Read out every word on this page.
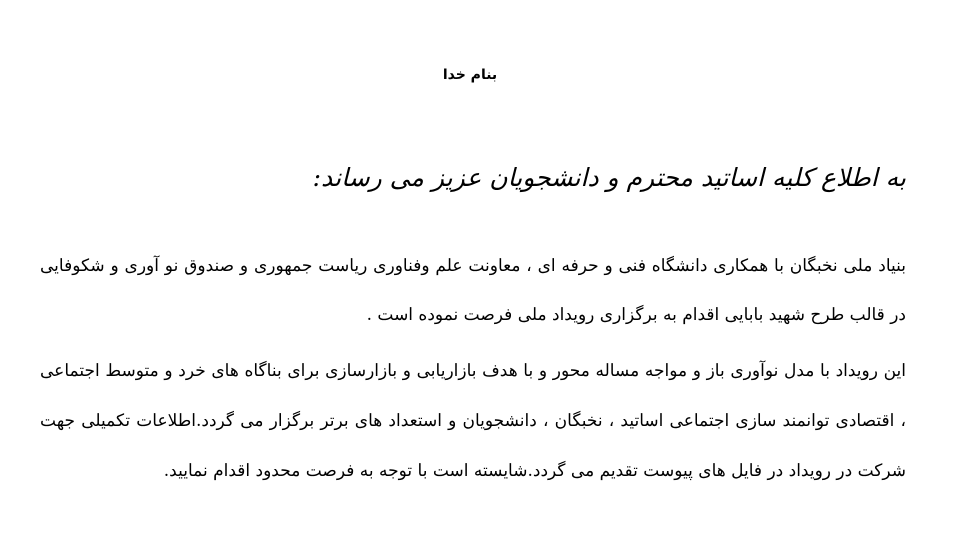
بنام خدا
به اطلاع کلیه اساتید محترم و دانشجویان عزیز می رساند:

بنیاد ملی نخبگان با همکاری دانشگاه فنی و حرفه ای ، معاونت علم وفناوری ریاست جمهوری و صندوق نو آوری و شکوفایی در قالب طرح شهید بابایی اقدام به برگزاری رویداد ملی فرصت نموده است .

این رویداد با مدل نوآوری باز و مواجه مساله محور و با هدف بازاریابی و بازارسازی برای بناگاه های خرد و متوسط اجتماعی ، اقتصادی توانمند سازی اجتماعی اساتید ، نخبگان ، دانشجویان و استعداد های برتر برگزار می گردد.اطلاعات تکمیلی جهت شرکت در رویداد در فایل های پیوست تقدیم می گردد.شایسته است با توجه به فرصت محدود اقدام نمایید.
